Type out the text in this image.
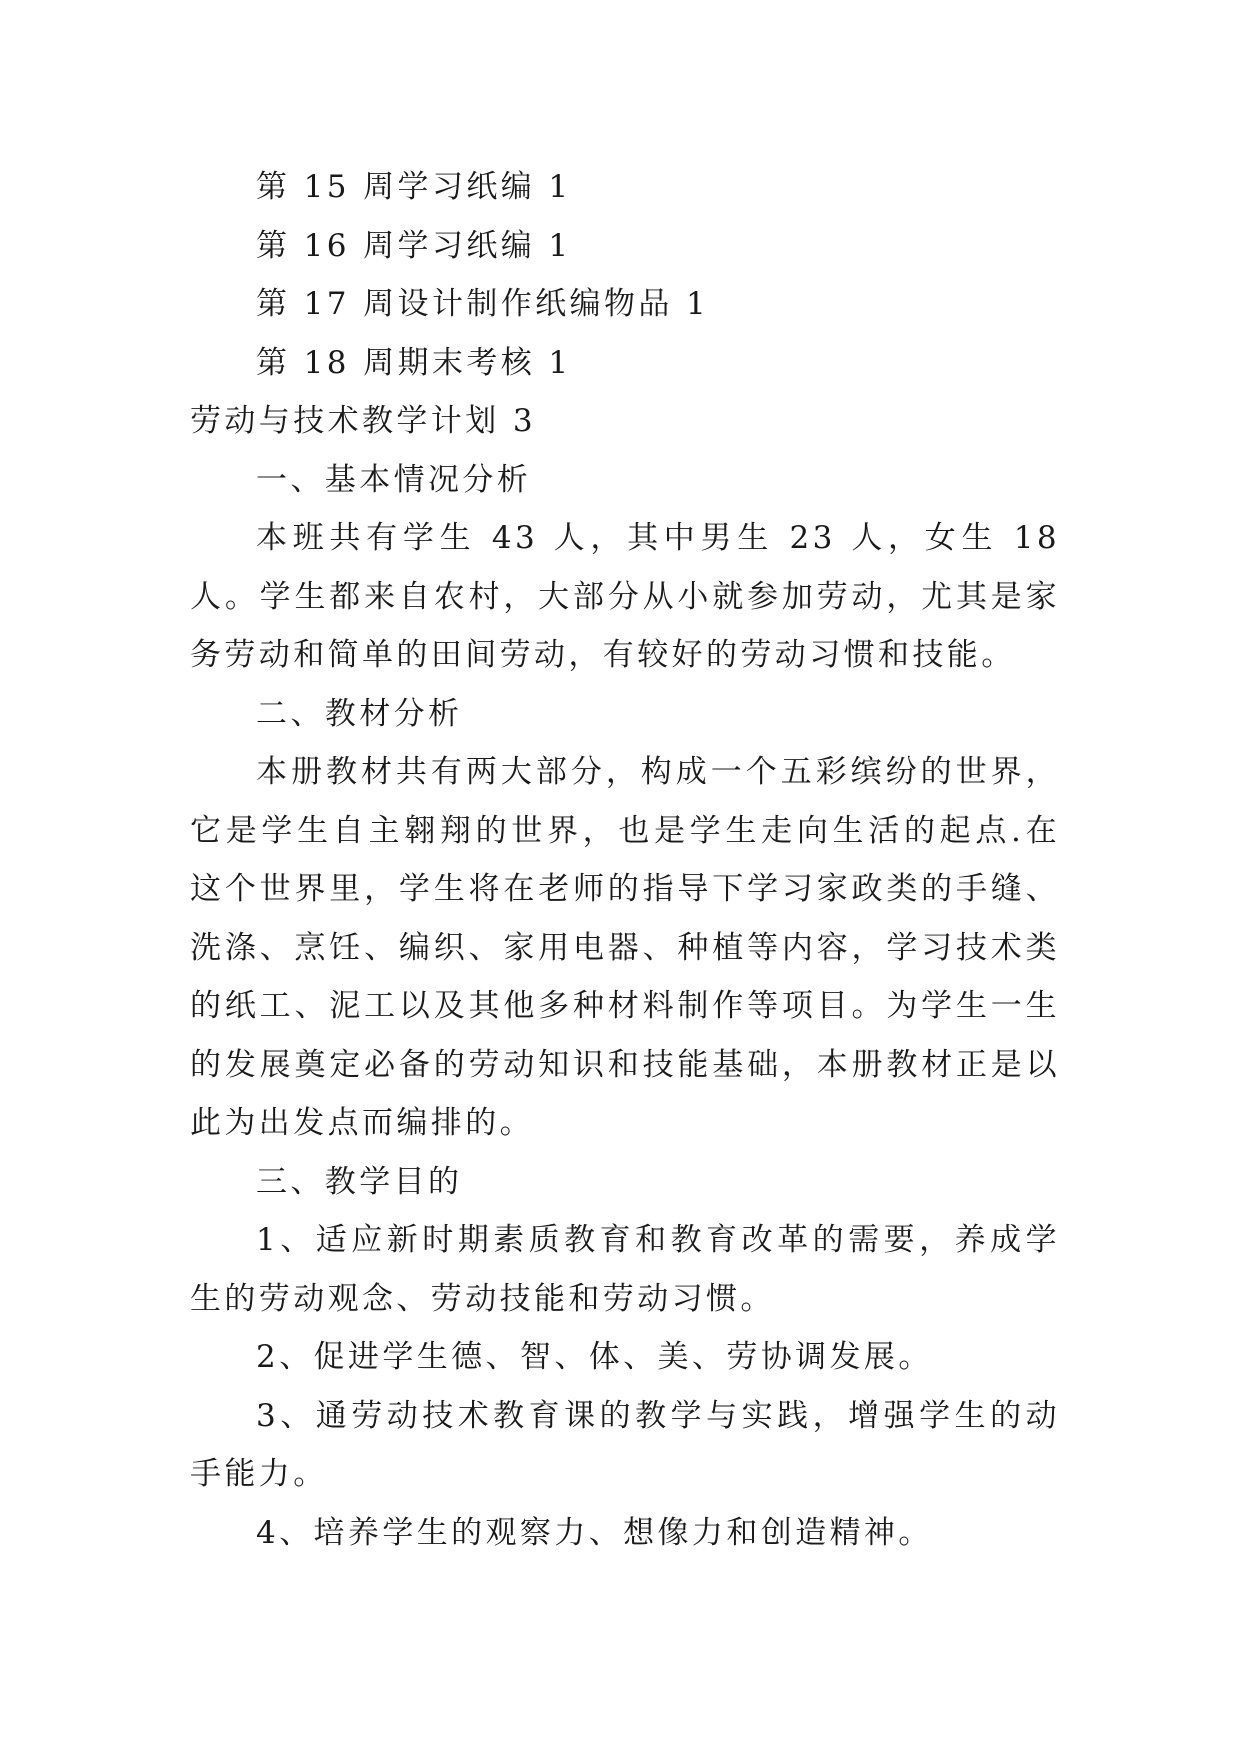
第 15 周学习纸编 1

第 16 周学习纸编 1

第 17 周设计制作纸编物品 1

第 18 周期末考核 1

劳动与技术教学计划 3

一、基本情况分析

本班共有学生 43 人，其中男生 23 人，女生 18 人。学生都来自农村，大部分从小就参加劳动，尤其是家务劳动和简单的田间劳动，有较好的劳动习惯和技能。

二、教材分析

本册教材共有两大部分，构成一个五彩缤纷的世界，它是学生自主翱翔的世界，也是学生走向生活的起点.在这个世界里，学生将在老师的指导下学习家政类的手缝、洗涤、烹饪、编织、家用电器、种植等内容，学习技术类的纸工、泥工以及其他多种材料制作等项目。为学生一生的发展奠定必备的劳动知识和技能基础，本册教材正是以此为出发点而编排的。

三、教学目的

1、适应新时期素质教育和教育改革的需要，养成学生的劳动观念、劳动技能和劳动习惯。

2、促进学生德、智、体、美、劳协调发展。

3、通劳动技术教育课的教学与实践，增强学生的动手能力。

4、培养学生的观察力、想像力和创造精神。
